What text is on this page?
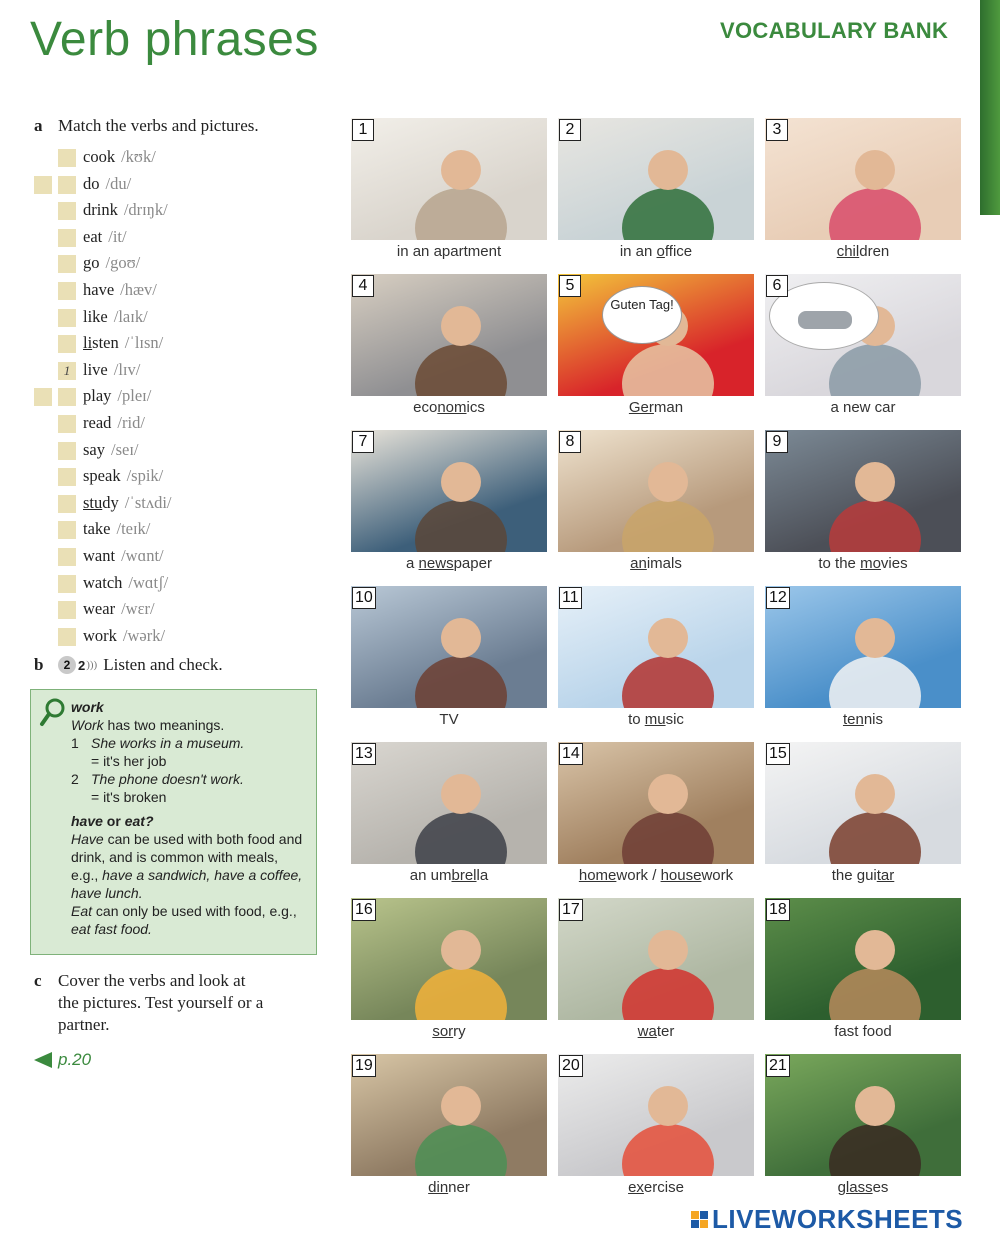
Verb phrases	VOCABULARY BANK
a Match the verbs and pictures.
cook /kʊk/
do /du/
drink /drɪŋk/
eat /it/
go /goʊ/
have /hæv/
like /laɪk/
listen /ˈlɪsn/
1 live /lɪv/
play /pleɪ/
read /rid/
say /seɪ/
speak /spik/
study /ˈstʌdi/
take /teɪk/
want /wɑnt/
watch /wɑtʃ/
wear /wɛr/
work /wərk/
b	2 2 ))) Listen and check.
work
Work has two meanings.
1 She works in a museum.
= it's her job
2 The phone doesn't work.
= it's broken
have or eat?
Have can be used with both food and drink, and is common with meals, e.g., have a sandwich, have a coffee, have lunch.
Eat can only be used with food, e.g., eat fast food.
c Cover the verbs and look at
the pictures. Test yourself or a
partner.
p.20
1
in an apartment
2
in an office
3
children
4
economics
5
Guten Tag!
German
6
a new car
7
a newspaper
8
animals
9
to the movies
10
TV
11
to music
12
tennis
13
an umbrella
14
homework / housework
15
the guitar
16
sorry
17
water
18
fast food
19
dinner
20
exercise
21
glasses
LIVEWORKSHEETS
